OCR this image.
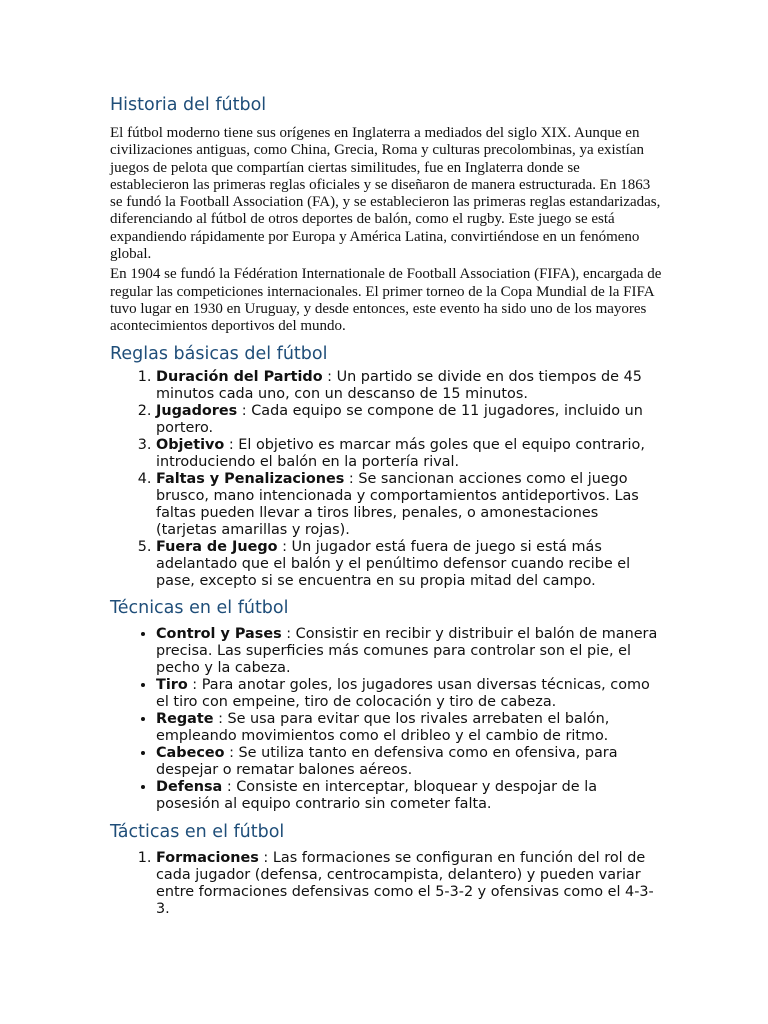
Historia del fútbol

El fútbol moderno tiene sus orígenes en Inglaterra a mediados del siglo XIX. Aunque en civilizaciones antiguas, como China, Grecia, Roma y culturas precolombinas, ya existían juegos de pelota que compartían ciertas similitudes, fue en Inglaterra donde se establecieron las primeras reglas oficiales y se diseñaron de manera estructurada. En 1863 se fundó la Football Association (FA), y se establecieron las primeras reglas estandarizadas, diferenciando al fútbol de otros deportes de balón, como el rugby. Este juego se está expandiendo rápidamente por Europa y América Latina, convirtiéndose en un fenómeno global.

En 1904 se fundó la Fédération Internationale de Football Association (FIFA), encargada de regular las competiciones internacionales. El primer torneo de la Copa Mundial de la FIFA tuvo lugar en 1930 en Uruguay, y desde entonces, este evento ha sido uno de los mayores acontecimientos deportivos del mundo.

Reglas básicas del fútbol
1. Duración del Partido : Un partido se divide en dos tiempos de 45 minutos cada uno, con un descanso de 15 minutos.
2. Jugadores : Cada equipo se compone de 11 jugadores, incluido un portero.
3. Objetivo : El objetivo es marcar más goles que el equipo contrario, introduciendo el balón en la portería rival.
4. Faltas y Penalizaciones : Se sancionan acciones como el juego brusco, mano intencionada y comportamientos antideportivos. Las faltas pueden llevar a tiros libres, penales, o amonestaciones (tarjetas amarillas y rojas).
5. Fuera de Juego : Un jugador está fuera de juego si está más adelantado que el balón y el penúltimo defensor cuando recibe el pase, excepto si se encuentra en su propia mitad del campo.
Técnicas en el fútbol
• Control y Pases : Consistir en recibir y distribuir el balón de manera precisa. Las superficies más comunes para controlar son el pie, el pecho y la cabeza.
• Tiro : Para anotar goles, los jugadores usan diversas técnicas, como el tiro con empeine, tiro de colocación y tiro de cabeza.
• Regate : Se usa para evitar que los rivales arrebaten el balón, empleando movimientos como el dribleo y el cambio de ritmo.
• Cabeceo : Se utiliza tanto en defensiva como en ofensiva, para despejar o rematar balones aéreos.
• Defensa : Consiste en interceptar, bloquear y despojar de la posesión al equipo contrario sin cometer falta.
Tácticas en el fútbol
1. Formaciones : Las formaciones se configuran en función del rol de cada jugador (defensa, centrocampista, delantero) y pueden variar entre formaciones defensivas como el 5-3-2 y ofensivas como el 4-3-3.
